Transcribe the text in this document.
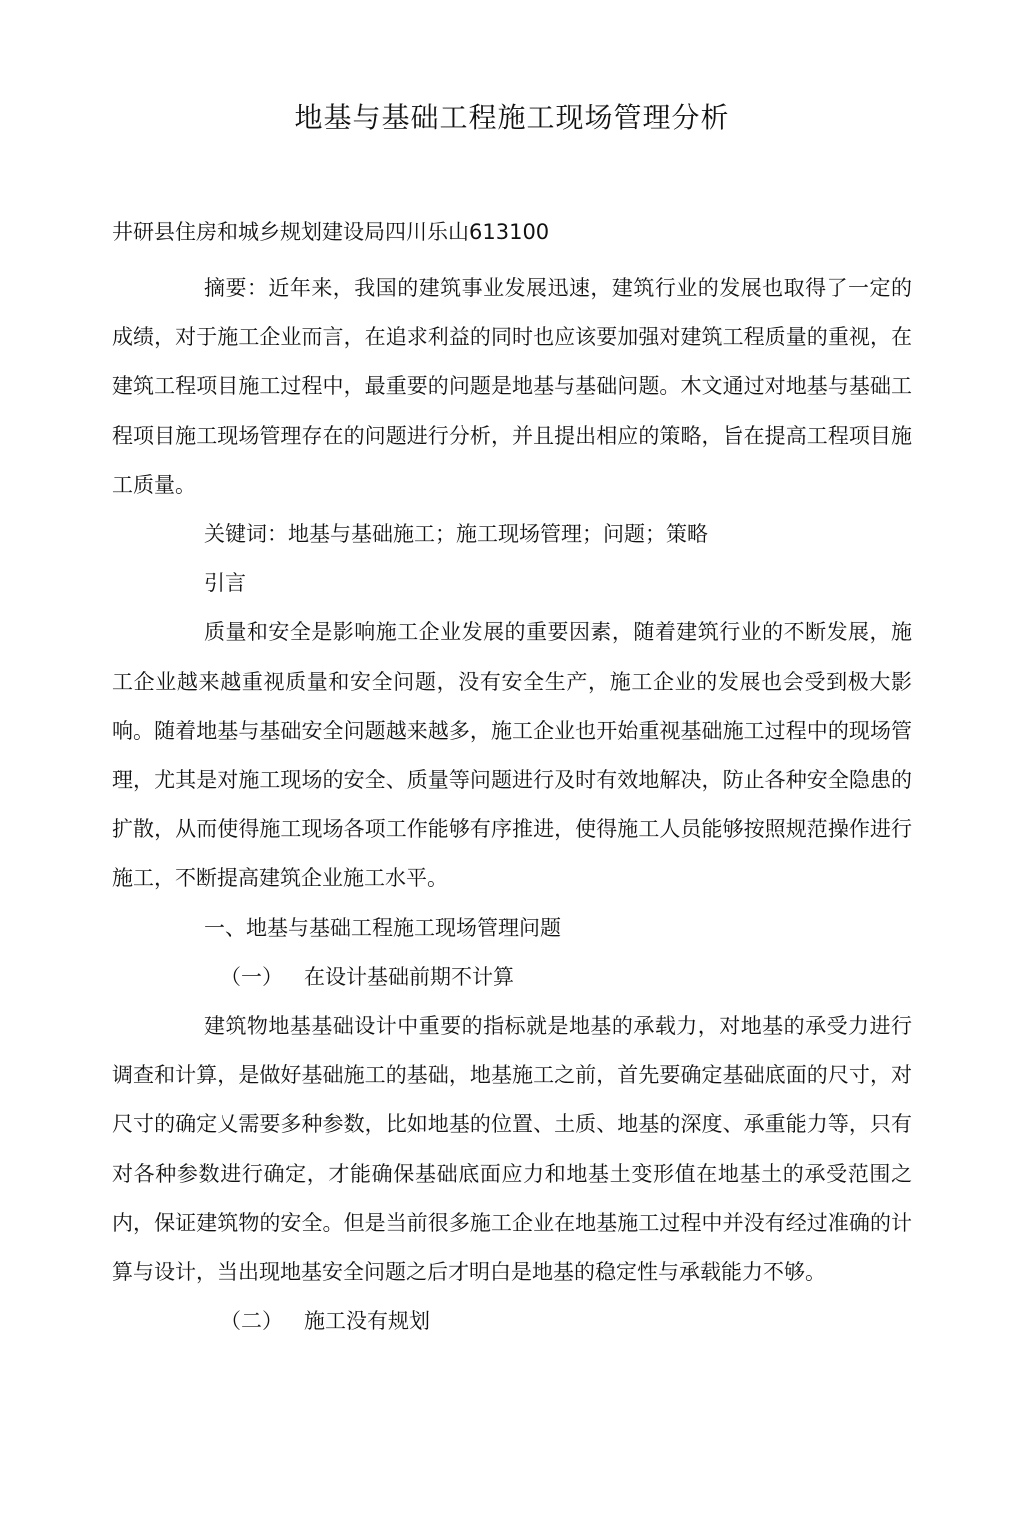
地基与基础工程施工现场管理分析
井研县住房和城乡规划建设局四川乐山613100

摘要：近年来，我国的建筑事业发展迅速，建筑行业的发展也取得了一定的成绩，对于施工企业而言，在追求利益的同时也应该要加强对建筑工程质量的重视，在建筑工程项目施工过程中，最重要的问题是地基与基础问题。木文通过对地基与基础工程项目施工现场管理存在的问题进行分析，并且提出相应的策略，旨在提高工程项目施工质量。

关键词：地基与基础施工；施工现场管理；问题；策略

引言

质量和安全是影响施工企业发展的重要因素，随着建筑行业的不断发展，施工企业越来越重视质量和安全问题，没有安全生产，施工企业的发展也会受到极大影响。随着地基与基础安全问题越来越多，施工企业也开始重视基础施工过程中的现场管理，尤其是对施工现场的安全、质量等问题进行及时有效地解决，防止各种安全隐患的扩散，从而使得施工现场各项工作能够有序推进，使得施工人员能够按照规范操作进行施工，不断提高建筑企业施工水平。

一、地基与基础工程施工现场管理问题

（一） 在设计基础前期不计算

建筑物地基基础设计中重要的指标就是地基的承载力，对地基的承受力进行调查和计算，是做好基础施工的基础，地基施工之前，首先要确定基础底面的尺寸，对尺寸的确定乂需要多种参数，比如地基的位置、土质、地基的深度、承重能力等，只有对各种参数进行确定，才能确保基础底面应力和地基土变形值在地基土的承受范围之内，保证建筑物的安全。但是当前很多施工企业在地基施工过程中并没有经过准确的计算与设计，当出现地基安全问题之后才明白是地基的稳定性与承载能力不够。

（二） 施工没有规划
